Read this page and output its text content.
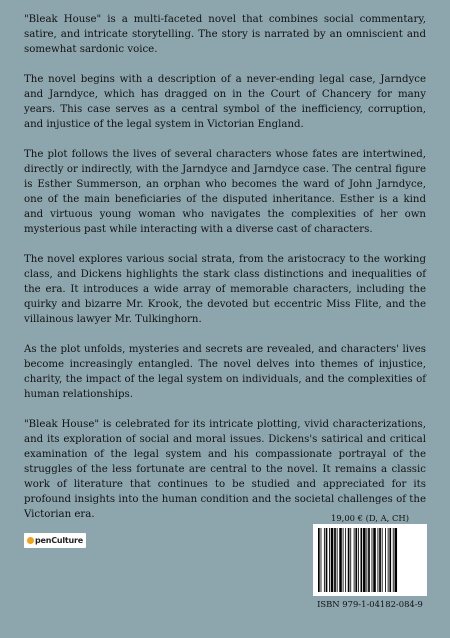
"Bleak House" is a multi-faceted novel that combines social commentary, satire, and intricate storytelling. The story is narrated by an omniscient and somewhat sardonic voice.

The novel begins with a description of a never-ending legal case, Jarndyce and Jarndyce, which has dragged on in the Court of Chancery for many years. This case serves as a central symbol of the inefficiency, corruption, and injustice of the legal system in Victorian England.

The plot follows the lives of several characters whose fates are intertwined, directly or indirectly, with the Jarndyce and Jarndyce case. The central figure is Esther Summerson, an orphan who becomes the ward of John Jarndyce, one of the main beneficiaries of the disputed inheritance. Esther is a kind and virtuous young woman who navigates the complexities of her own mysterious past while interacting with a diverse cast of characters.

The novel explores various social strata, from the aristocracy to the working class, and Dickens highlights the stark class distinctions and inequalities of the era. It introduces a wide array of memorable characters, including the quirky and bizarre Mr. Krook, the devoted but eccentric Miss Flite, and the villainous lawyer Mr. Tulkinghorn.

As the plot unfolds, mysteries and secrets are revealed, and characters' lives become increasingly entangled. The novel delves into themes of injustice, charity, the impact of the legal system on individuals, and the complexities of human relationships.

"Bleak House" is celebrated for its intricate plotting, vivid characterizations, and its exploration of social and moral issues. Dickens's satirical and critical examination of the legal system and his compassionate portrayal of the struggles of the less fortunate are central to the novel. It remains a classic work of literature that continues to be studied and appreciated for its profound insights into the human condition and the societal challenges of the Victorian era.

pen Culture
19,00 € (D, A, CH)
ISBN 979-1-04182-084-9
